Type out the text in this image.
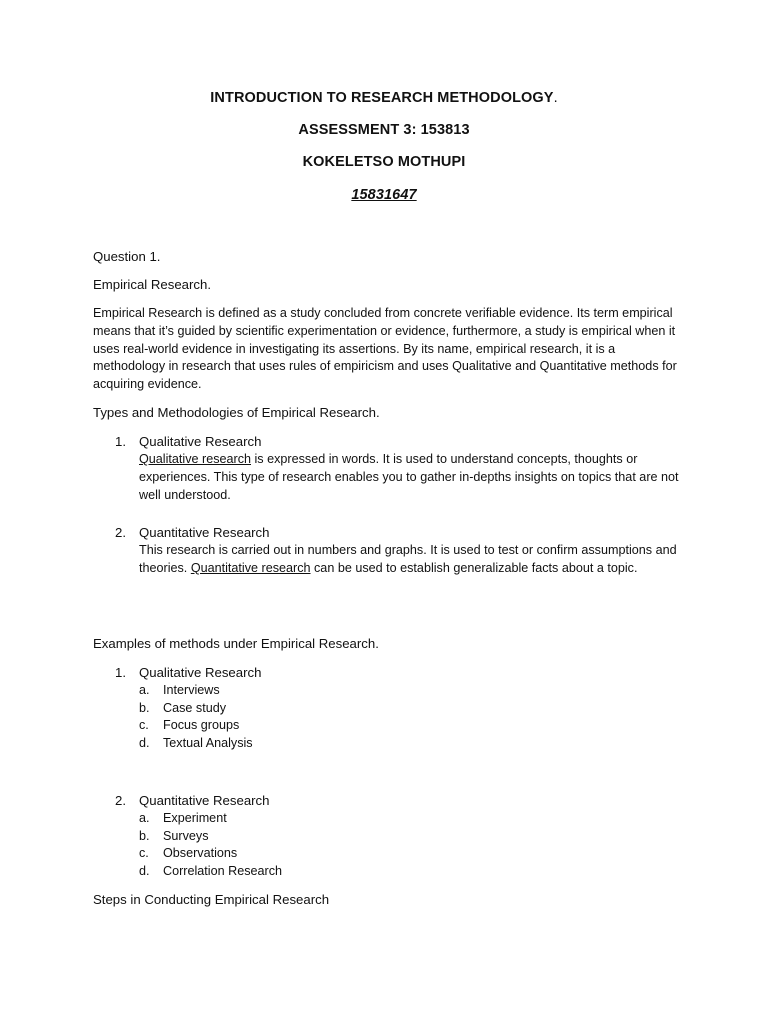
INTRODUCTION TO RESEARCH METHODOLOGY.
ASSESSMENT 3: 153813
KOKELETSO MOTHUPI
15831647
Question 1.
Empirical Research.
Empirical Research is defined as a study concluded from concrete verifiable evidence. Its term empirical means that it’s guided by scientific experimentation or evidence, furthermore, a study is empirical when it uses real-world evidence in investigating its assertions. By its name, empirical research, it is a methodology in research that uses rules of empiricism and uses Qualitative and Quantitative methods for acquiring evidence.
Types and Methodologies of Empirical Research.
1. Qualitative Research
Qualitative research is expressed in words. It is used to understand concepts, thoughts or experiences. This type of research enables you to gather in-depths insights on topics that are not well understood.
2. Quantitative Research
This research is carried out in numbers and graphs. It is used to test or confirm assumptions and theories. Quantitative research can be used to establish generalizable facts about a topic.
Examples of methods under Empirical Research.
1. Qualitative Research
a. Interviews
b. Case study
c. Focus groups
d. Textual Analysis
2. Quantitative Research
a. Experiment
b. Surveys
c. Observations
d. Correlation Research
Steps in Conducting Empirical Research
